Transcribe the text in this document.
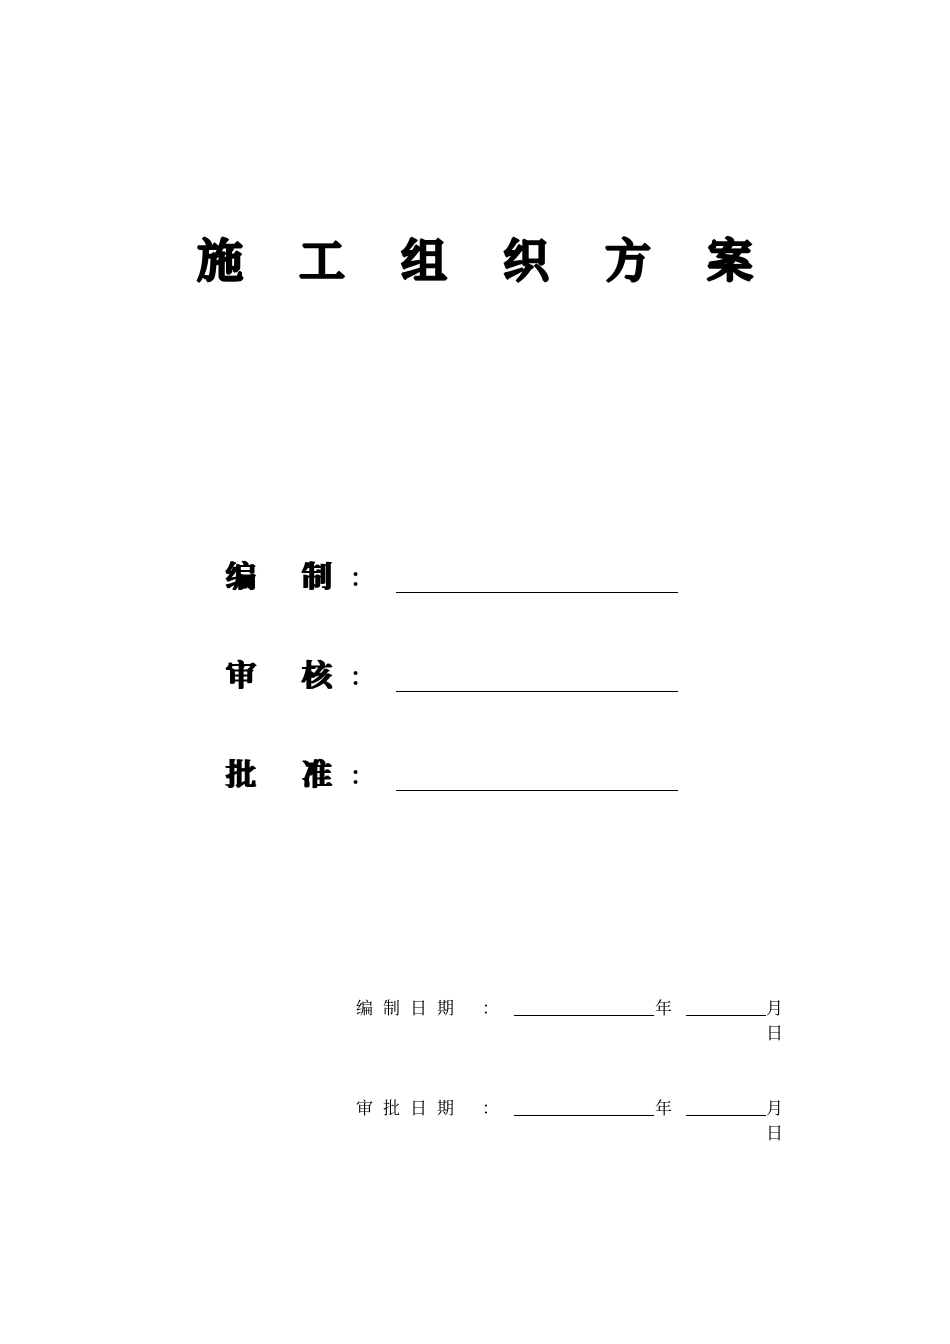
施 工 组 织 方 案
编 制 ：
审 核 ：
批 准 ：
编制日期 ：	年	月
日
审批日期 ：	年	月
日
